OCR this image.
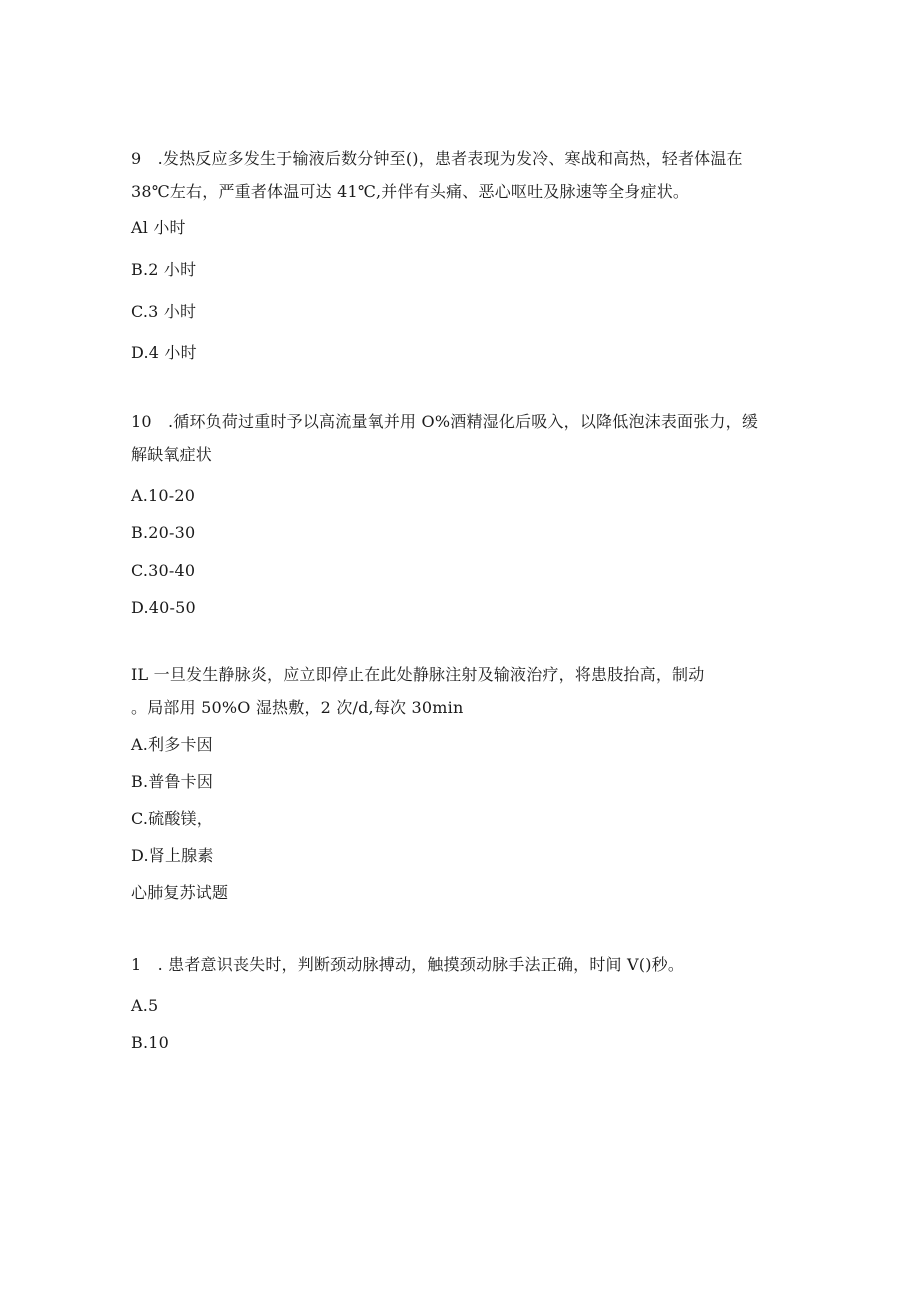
9　.发热反应多发生于输液后数分钟至()，患者表现为发冷、寒战和高热，轻者体温在
38℃左右，严重者体温可达 41℃,并伴有头痛、恶心呕吐及脉速等全身症状。
Al 小时
B.2 小时
C.3 小时
D.4 小时
10　.循环负荷过重时予以高流量氧并用 O%酒精湿化后吸入，以降低泡沫表面张力，缓
解缺氧症状
A.10-20
B.20-30
C.30-40
D.40-50
IL 一旦发生静脉炎，应立即停止在此处静脉注射及输液治疗，将患肢抬高，制动
。局部用 50%O 湿热敷，2 次/d,每次 30min
A.利多卡因
B.普鲁卡因
C.硫酸镁，
D.肾上腺素
心肺复苏试题
1　. 患者意识丧失时，判断颈动脉搏动，触摸颈动脉手法正确，时间 V()秒。
A.5
B.10
